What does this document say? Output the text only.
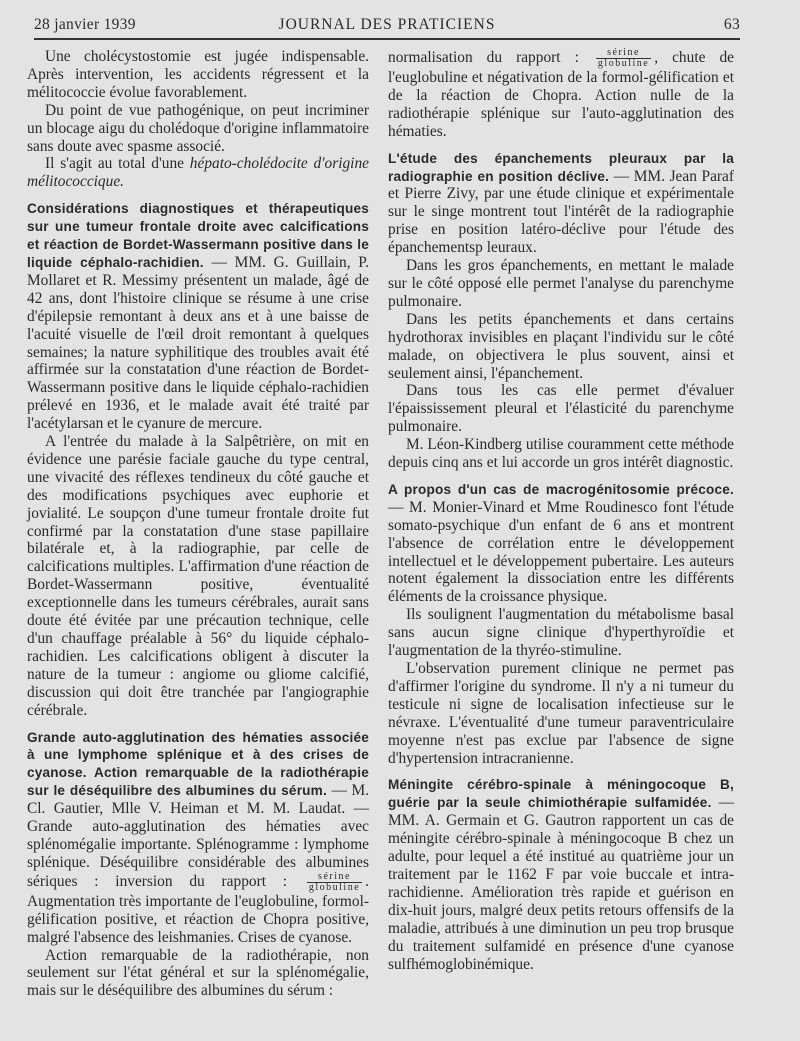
28 janvier 1939	JOURNAL DES PRATICIENS	63

Une cholécystostomie est jugée indispensable. Après intervention, les accidents régressent et la mélitococcie évolue favorablement.

Du point de vue pathogénique, on peut incriminer un blocage aigu du cholédoque d'origine inflammatoire sans doute avec spasme associé.

Il s'agit au total d'une hépato-cholédocite d'origine mélitococcique.

Considérations diagnostiques et thérapeutiques sur une tumeur frontale droite avec calcifications et réaction de Bordet-Wassermann positive dans le liquide céphalo-rachidien. — MM. G. Guillain, P. Mollaret et R. Messimy présentent un malade, âgé de 42 ans, dont l'histoire clinique se résume à une crise d'épilepsie remontant à deux ans et à une baisse de l'acuité visuelle de l'œil droit remontant à quelques semaines; la nature syphilitique des troubles avait été affirmée sur la constatation d'une réaction de Bordet-Wassermann positive dans le liquide céphalo-rachidien prélevé en 1936, et le malade avait été traité par l'acétylarsan et le cyanure de mercure.

A l'entrée du malade à la Salpêtrière, on mit en évidence une parésie faciale gauche du type central, une vivacité des réflexes tendineux du côté gauche et des modifications psychiques avec euphorie et jovialité. Le soupçon d'une tumeur frontale droite fut confirmé par la constatation d'une stase papillaire bilatérale et, à la radiographie, par celle de calcifications multiples. L'affirmation d'une réaction de Bordet-Wassermann positive, éventualité exceptionnelle dans les tumeurs cérébrales, aurait sans doute été évitée par une précaution technique, celle d'un chauffage préalable à 56° du liquide céphalo-rachidien. Les calcifications obligent à discuter la nature de la tumeur : angiome ou gliome calcifié, discussion qui doit être tranchée par l'angiographie cérébrale.

Grande auto-agglutination des hématies associée à une lymphome splénique et à des crises de cyanose. Action remarquable de la radiothérapie sur le déséquilibre des albumines du sérum. — M. Cl. Gautier, Mlle V. Heiman et M. M. Laudat. — Grande auto-agglutination des hématies avec splénomégalie importante. Splénogramme : lymphome splénique. Déséquilibre considérable des albumines sériques : inversion du rapport : $\frac{\text{sérine}}{\text{globuline}}$ . Augmentation très importante de l'euglobuline, formol-gélification positive, et réaction de Chopra positive, malgré l'absence des leishmanies. Crises de cyanose.

Action remarquable de la radiothérapie, non seulement sur l'état général et sur la splénomégalie, mais sur le déséquilibre des albumines du sérum :

normalisation du rapport : $\frac{\text{sérine}}{\text{globuline}}$ , chute de l'euglobuline et négativation de la formol-gélification et de la réaction de Chopra. Action nulle de la radiothérapie splénique sur l'auto-agglutination des hématies.

L'étude des épanchements pleuraux par la radiographie en position déclive. — MM. Jean Paraf et Pierre Zivy, par une étude clinique et expérimentale sur le singe montrent tout l'intérêt de la radiographie prise en position latéro-déclive pour l'étude des épanchementsp leuraux.

Dans les gros épanchements, en mettant le malade sur le côté opposé elle permet l'analyse du parenchyme pulmonaire.

Dans les petits épanchements et dans certains hydrothorax invisibles en plaçant l'individu sur le côté malade, on objectivera le plus souvent, ainsi et seulement ainsi, l'épanchement.

Dans tous les cas elle permet d'évaluer l'épaississement pleural et l'élasticité du parenchyme pulmonaire.

M. Léon-Kindberg utilise couramment cette méthode depuis cinq ans et lui accorde un gros intérêt diagnostic.

A propos d'un cas de macrogénitosomie précoce. — M. Monier-Vinard et Mme Roudinesco font l'étude somato-psychique d'un enfant de 6 ans et montrent l'absence de corrélation entre le développement intellectuel et le développement pubertaire. Les auteurs notent également la dissociation entre les différents éléments de la croissance physique.

Ils soulignent l'augmentation du métabolisme basal sans aucun signe clinique d'hyperthyroïdie et l'augmentation de la thyréo-stimuline.

L'observation purement clinique ne permet pas d'affirmer l'origine du syndrome. Il n'y a ni tumeur du testicule ni signe de localisation infectieuse sur le névraxe. L'éventualité d'une tumeur paraventriculaire moyenne n'est pas exclue par l'absence de signe d'hypertension intracranienne.

Méningite cérébro-spinale à méningocoque B, guérie par la seule chimiothérapie sulfamidée. — MM. A. Germain et G. Gautron rapportent un cas de méningite cérébro-spinale à méningocoque B chez un adulte, pour lequel a été institué au quatrième jour un traitement par le 1162 F par voie buccale et intra-rachidienne. Amélioration très rapide et guérison en dix-huit jours, malgré deux petits retours offensifs de la maladie, attribués à une diminution un peu trop brusque du traitement sulfamidé en présence d'une cyanose sulfhémoglobinémique.
